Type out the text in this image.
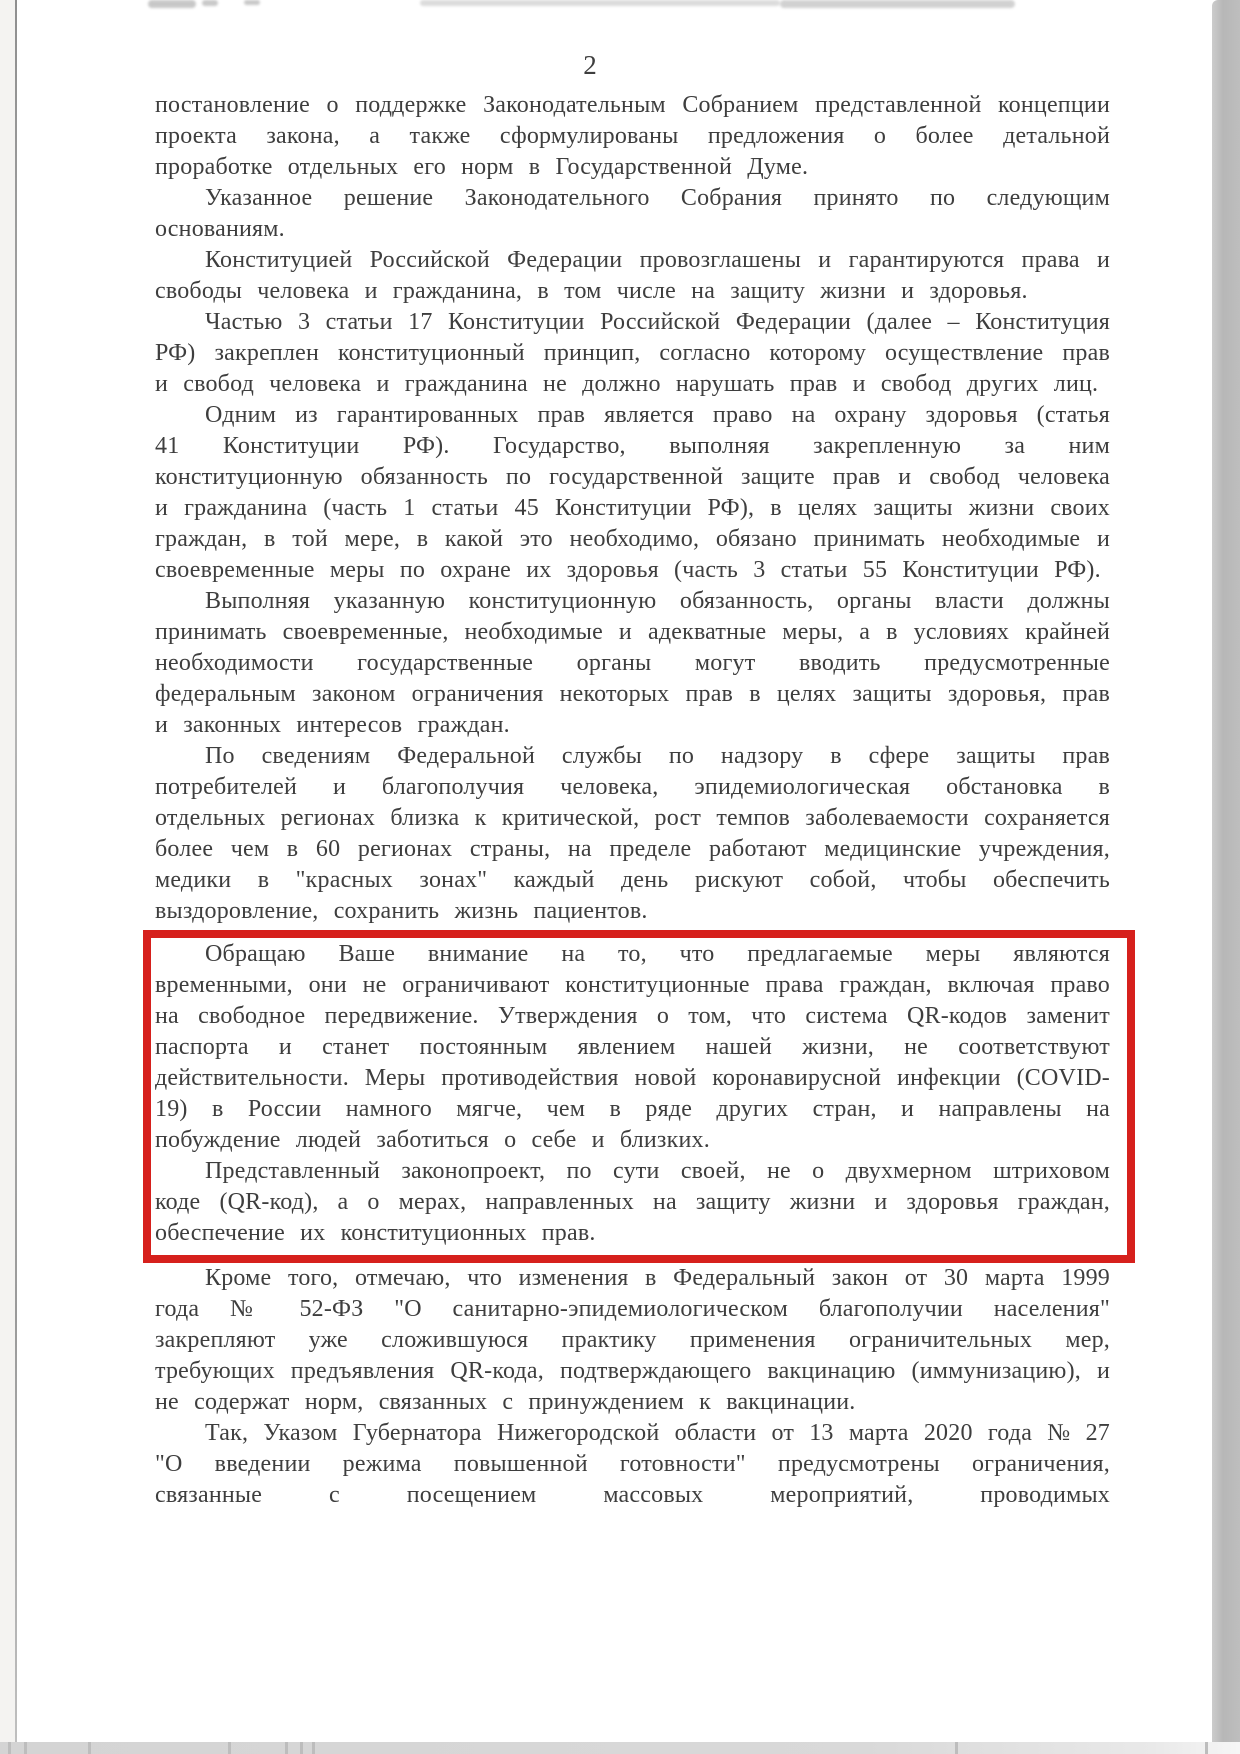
2

постановление о поддержке Законодательным Собранием представленной концепции проекта закона, а также сформулированы предложения о более детальной проработке отдельных его норм в Государственной Думе.

Указанное решение Законодательного Собрания принято по следующим основаниям.

Конституцией Российской Федерации провозглашены и гарантируются права и свободы человека и гражданина, в том числе на защиту жизни и здоровья.

Частью 3 статьи 17 Конституции Российской Федерации (далее – Конституция РФ) закреплен конституционный принцип, согласно которому осуществление прав и свобод человека и гражданина не должно нарушать прав и свобод других лиц.

Одним из гарантированных прав является право на охрану здоровья (статья 41 Конституции РФ). Государство, выполняя закрепленную за ним конституционную обязанность по государственной защите прав и свобод человека и гражданина (часть 1 статьи 45 Конституции РФ), в целях защиты жизни своих граждан, в той мере, в какой это необходимо, обязано принимать необходимые и своевременные меры по охране их здоровья (часть 3 статьи 55 Конституции РФ).

Выполняя указанную конституционную обязанность, органы власти должны принимать своевременные, необходимые и адекватные меры, а в условиях крайней необходимости государственные органы могут вводить предусмотренные федеральным законом ограничения некоторых прав в целях защиты здоровья, прав и законных интересов граждан.

По сведениям Федеральной службы по надзору в сфере защиты прав потребителей и благополучия человека, эпидемиологическая обстановка в отдельных регионах близка к критической, рост темпов заболеваемости сохраняется более чем в 60 регионах страны, на пределе работают медицинские учреждения, медики в "красных зонах" каждый день рискуют собой, чтобы обеспечить выздоровление, сохранить жизнь пациентов.

Обращаю Ваше внимание на то, что предлагаемые меры являются временными, они не ограничивают конституционные права граждан, включая право на свободное передвижение. Утверждения о том, что система QR-кодов заменит паспорта и станет постоянным явлением нашей жизни, не соответствуют действительности. Меры противодействия новой коронавирусной инфекции (COVID-19) в России намного мягче, чем в ряде других стран, и направлены на побуждение людей заботиться о себе и близких.

Представленный законопроект, по сути своей, не о двухмерном штриховом коде (QR-код), а о мерах, направленных на защиту жизни и здоровья граждан, обеспечение их конституционных прав.

Кроме того, отмечаю, что изменения в Федеральный закон от 30 марта 1999 года № 52-ФЗ "О санитарно-эпидемиологическом благополучии населения" закрепляют уже сложившуюся практику применения ограничительных мер, требующих предъявления QR-кода, подтверждающего вакцинацию (иммунизацию), и не содержат норм, связанных с принуждением к вакцинации.

Так, Указом Губернатора Нижегородской области от 13 марта 2020 года № 27 "О введении режима повышенной готовности" предусмотрены ограничения, связанные с посещением массовых мероприятий, проводимых
